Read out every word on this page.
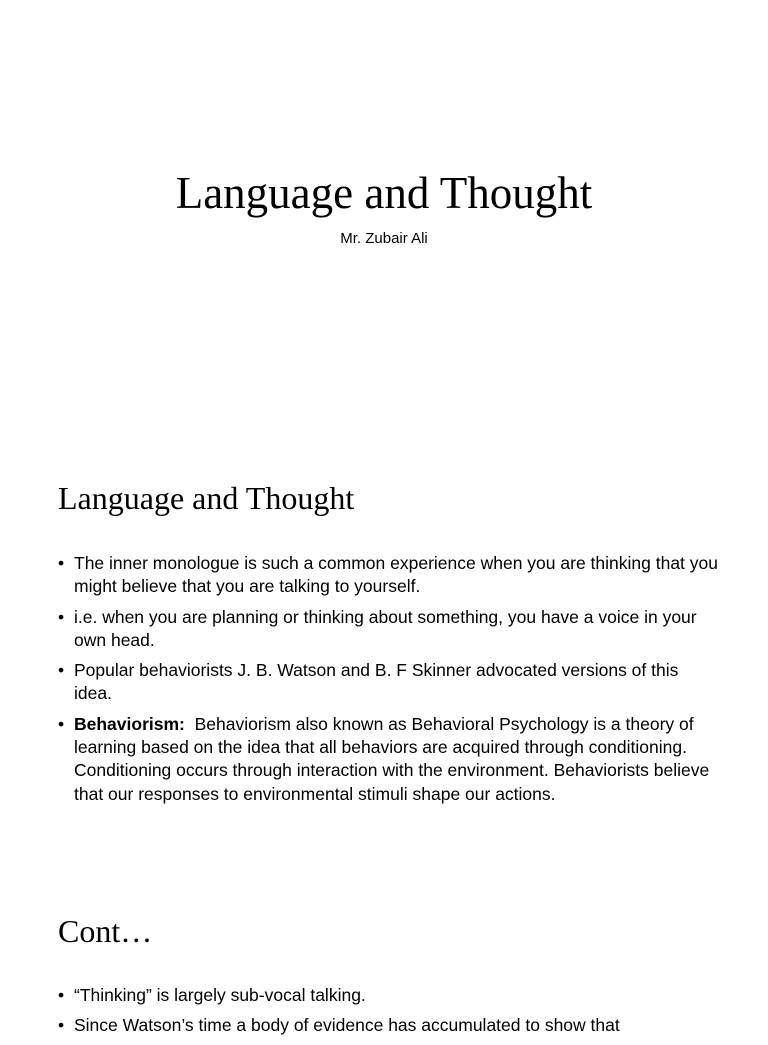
Language and Thought
Mr. Zubair Ali
Language and Thought
• The inner monologue is such a common experience when you are thinking that you might believe that you are talking to yourself.
• i.e. when you are planning or thinking about something, you have a voice in your own head.
• Popular behaviorists J. B. Watson and B. F Skinner advocated versions of this idea.
• Behaviorism: Behaviorism also known as Behavioral Psychology is a theory of learning based on the idea that all behaviors are acquired through conditioning. Conditioning occurs through interaction with the environment. Behaviorists believe that our responses to environmental stimuli shape our actions.
Cont…
• “Thinking” is largely sub-vocal talking.
• Since Watson’s time a body of evidence has accumulated to show that
